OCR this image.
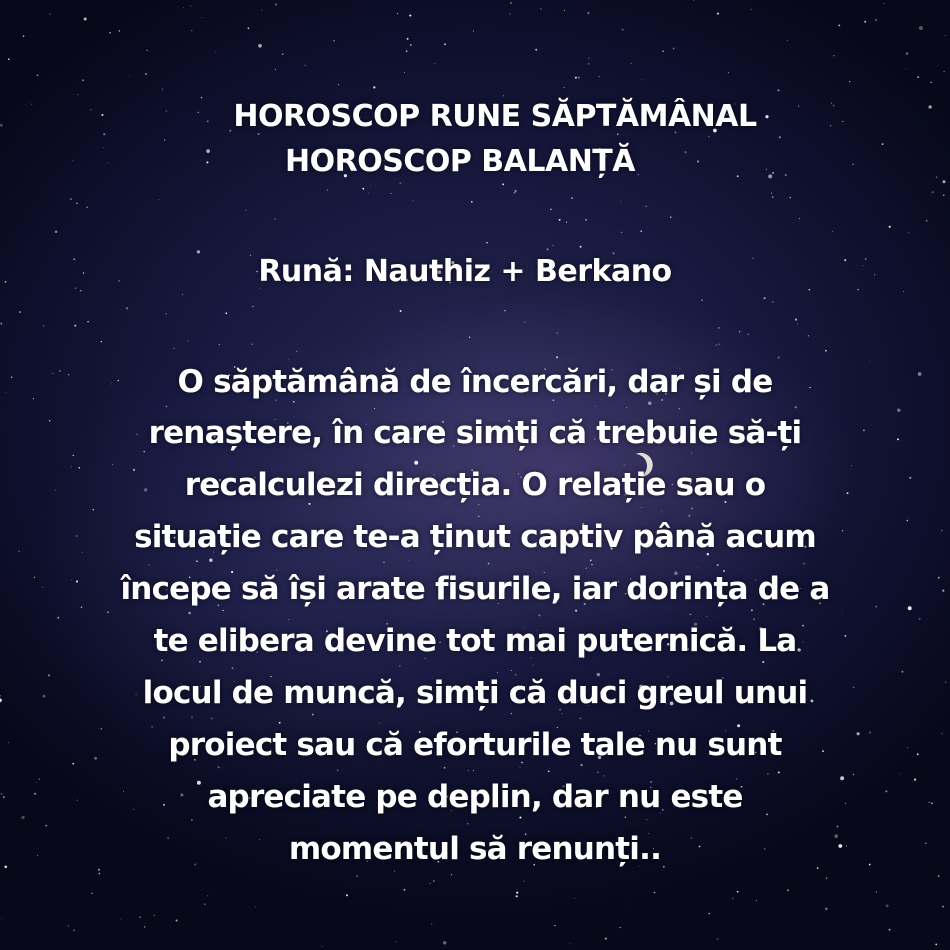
HOROSCOP RUNE SĂPTĂMÂNAL
HOROSCOP BALANȚĂ
Rună: Nauthiz + Berkano
O săptămână de încercări, dar și de
renaștere, în care simți că trebuie să-ți
recalculezi direcția. O relație sau o
situație care te-a ținut captiv până acum
începe să își arate fisurile, iar dorința de a
te elibera devine tot mai puternică. La
locul de muncă, simți că duci greul unui
proiect sau că eforturile tale nu sunt
apreciate pe deplin, dar nu este
momentul să renunți..
